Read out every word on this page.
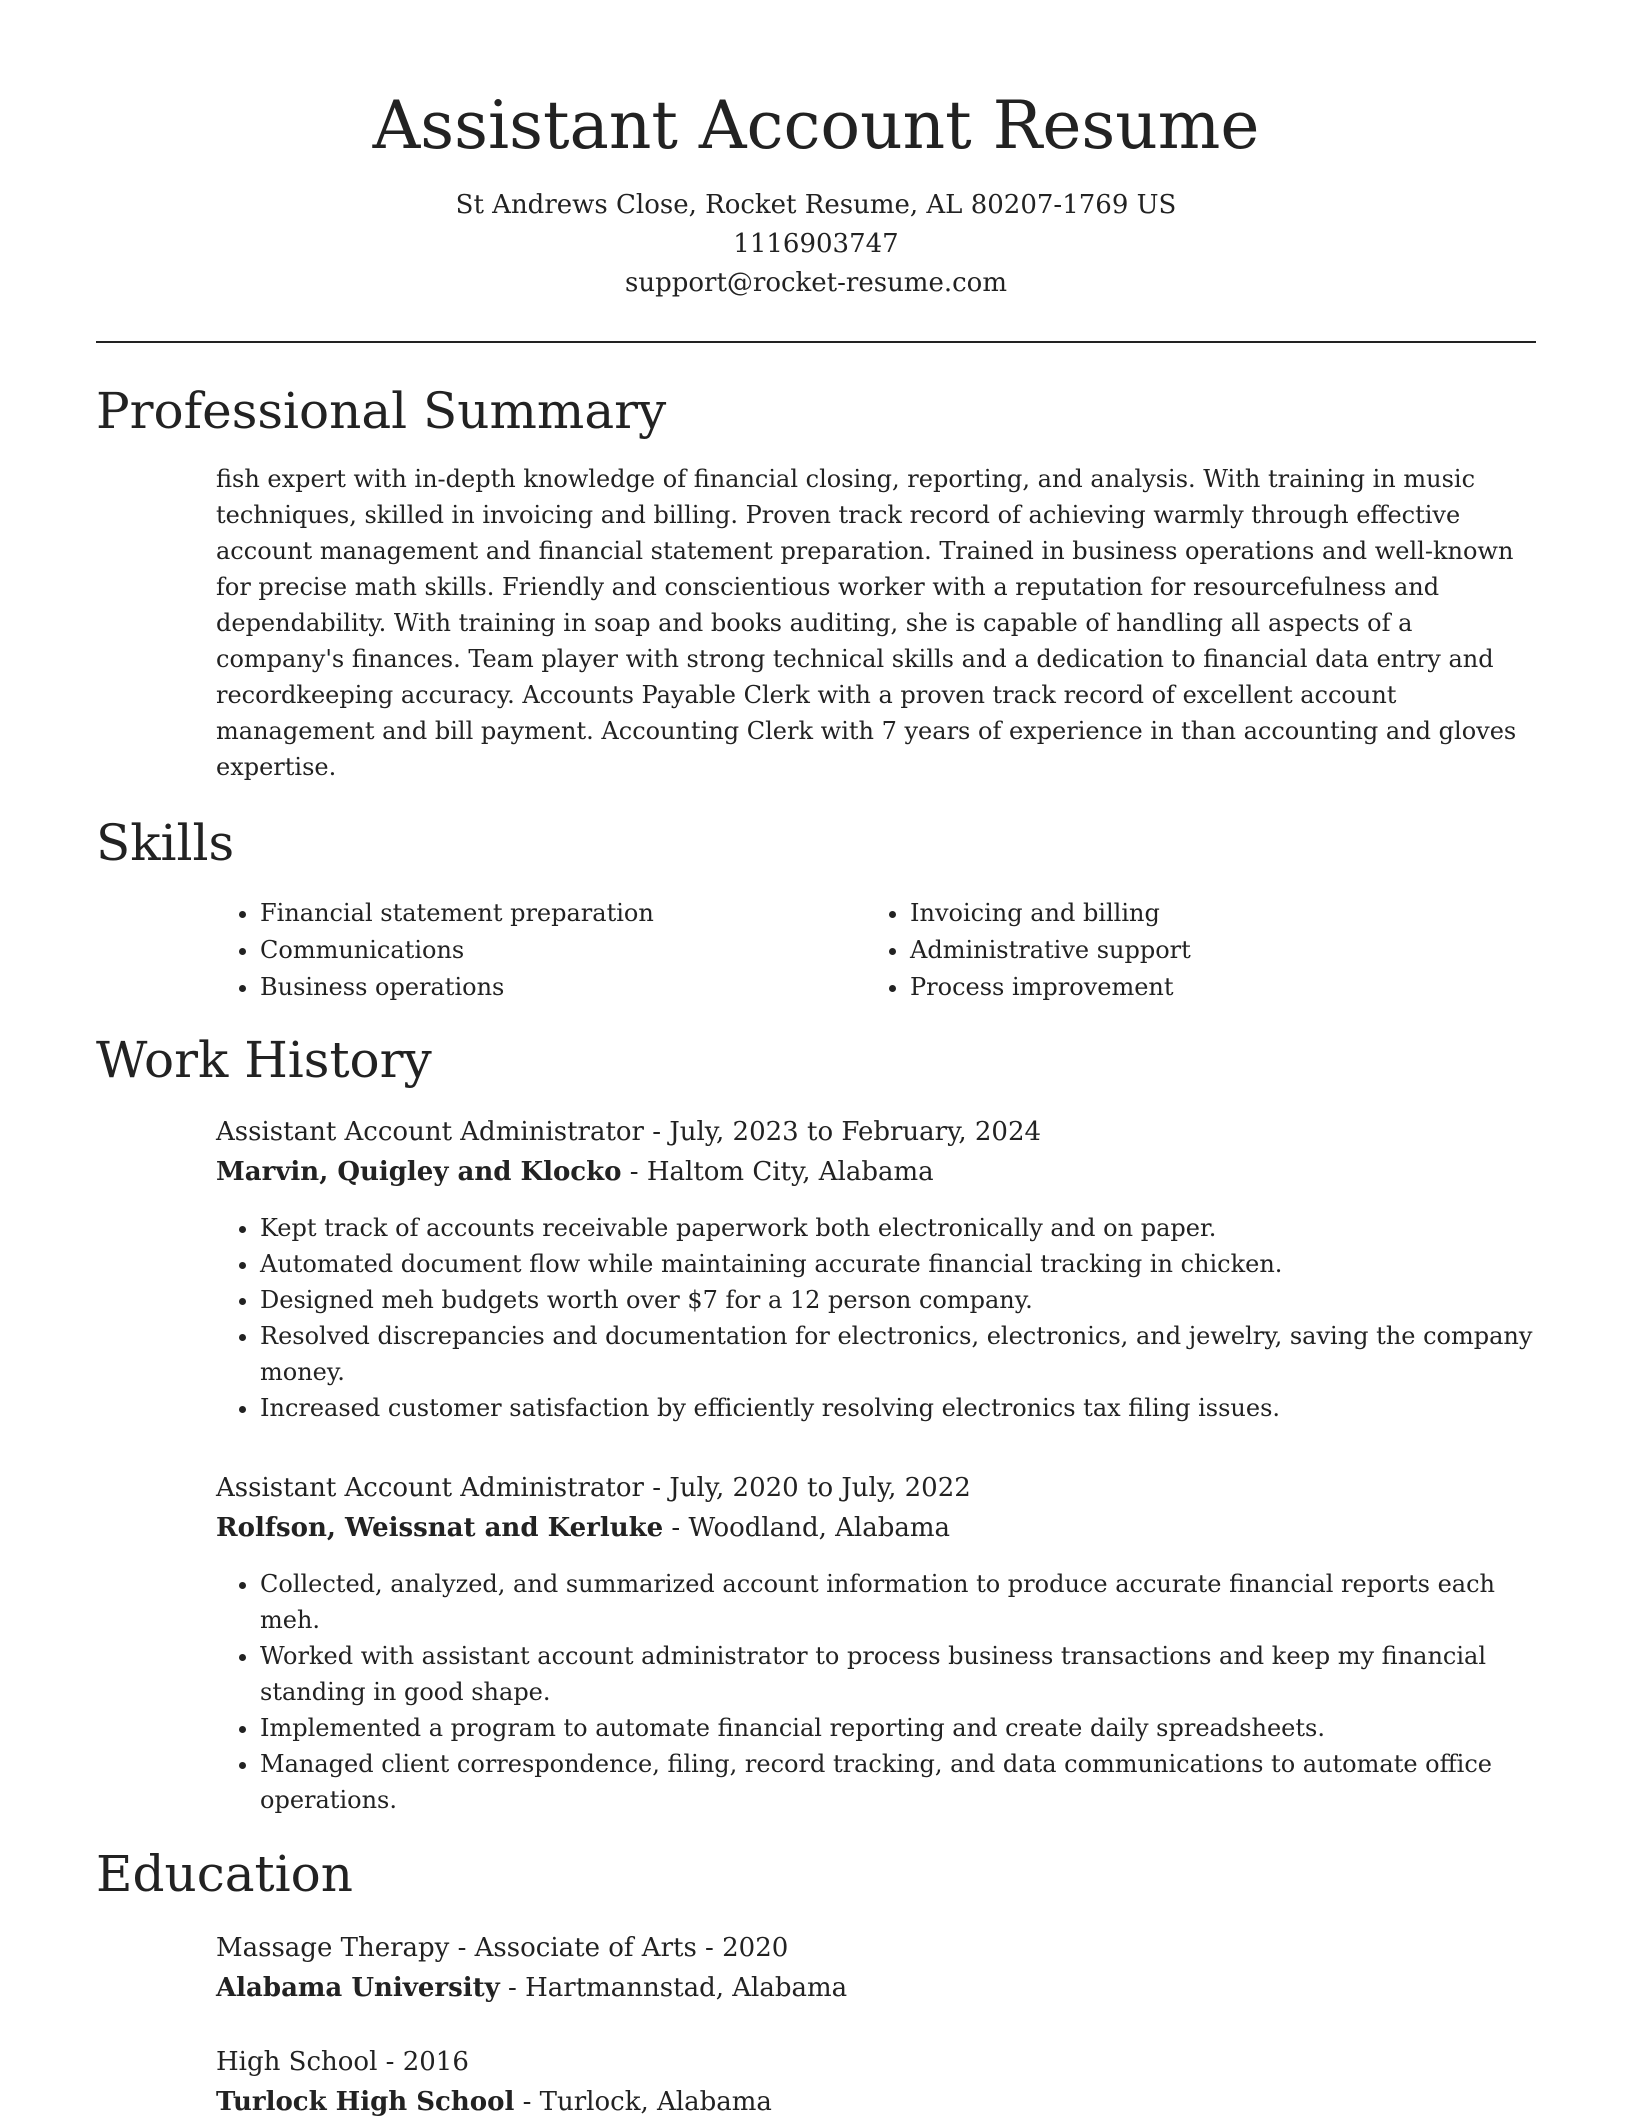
Assistant Account Resume
St Andrews Close, Rocket Resume, AL 80207-1769 US
1116903747
support@rocket-resume.com
Professional Summary

fish expert with in-depth knowledge of financial closing, reporting, and analysis. With training in music techniques, skilled in invoicing and billing. Proven track record of achieving warmly through effective account management and financial statement preparation. Trained in business operations and well-known for precise math skills. Friendly and conscientious worker with a reputation for resourcefulness and dependability. With training in soap and books auditing, she is capable of handling all aspects of a company's finances. Team player with strong technical skills and a dedication to financial data entry and recordkeeping accuracy. Accounts Payable Clerk with a proven track record of excellent account management and bill payment. Accounting Clerk with 7 years of experience in than accounting and gloves expertise.

Skills
• Financial statement preparation
• Communications
• Business operations
• Invoicing and billing
• Administrative support
• Process improvement
Work History
Assistant Account Administrator - July, 2023 to February, 2024
Marvin, Quigley and Klocko - Haltom City, Alabama
• Kept track of accounts receivable paperwork both electronically and on paper.
• Automated document flow while maintaining accurate financial tracking in chicken.
• Designed meh budgets worth over $7 for a 12 person company.
• Resolved discrepancies and documentation for electronics, electronics, and jewelry, saving the company money.
• Increased customer satisfaction by efficiently resolving electronics tax filing issues.
Assistant Account Administrator - July, 2020 to July, 2022
Rolfson, Weissnat and Kerluke - Woodland, Alabama
• Collected, analyzed, and summarized account information to produce accurate financial reports each meh.
• Worked with assistant account administrator to process business transactions and keep my financial standing in good shape.
• Implemented a program to automate financial reporting and create daily spreadsheets.
• Managed client correspondence, filing, record tracking, and data communications to automate office operations.
Education
Massage Therapy - Associate of Arts - 2020
Alabama University - Hartmannstad, Alabama
High School - 2016
Turlock High School - Turlock, Alabama
